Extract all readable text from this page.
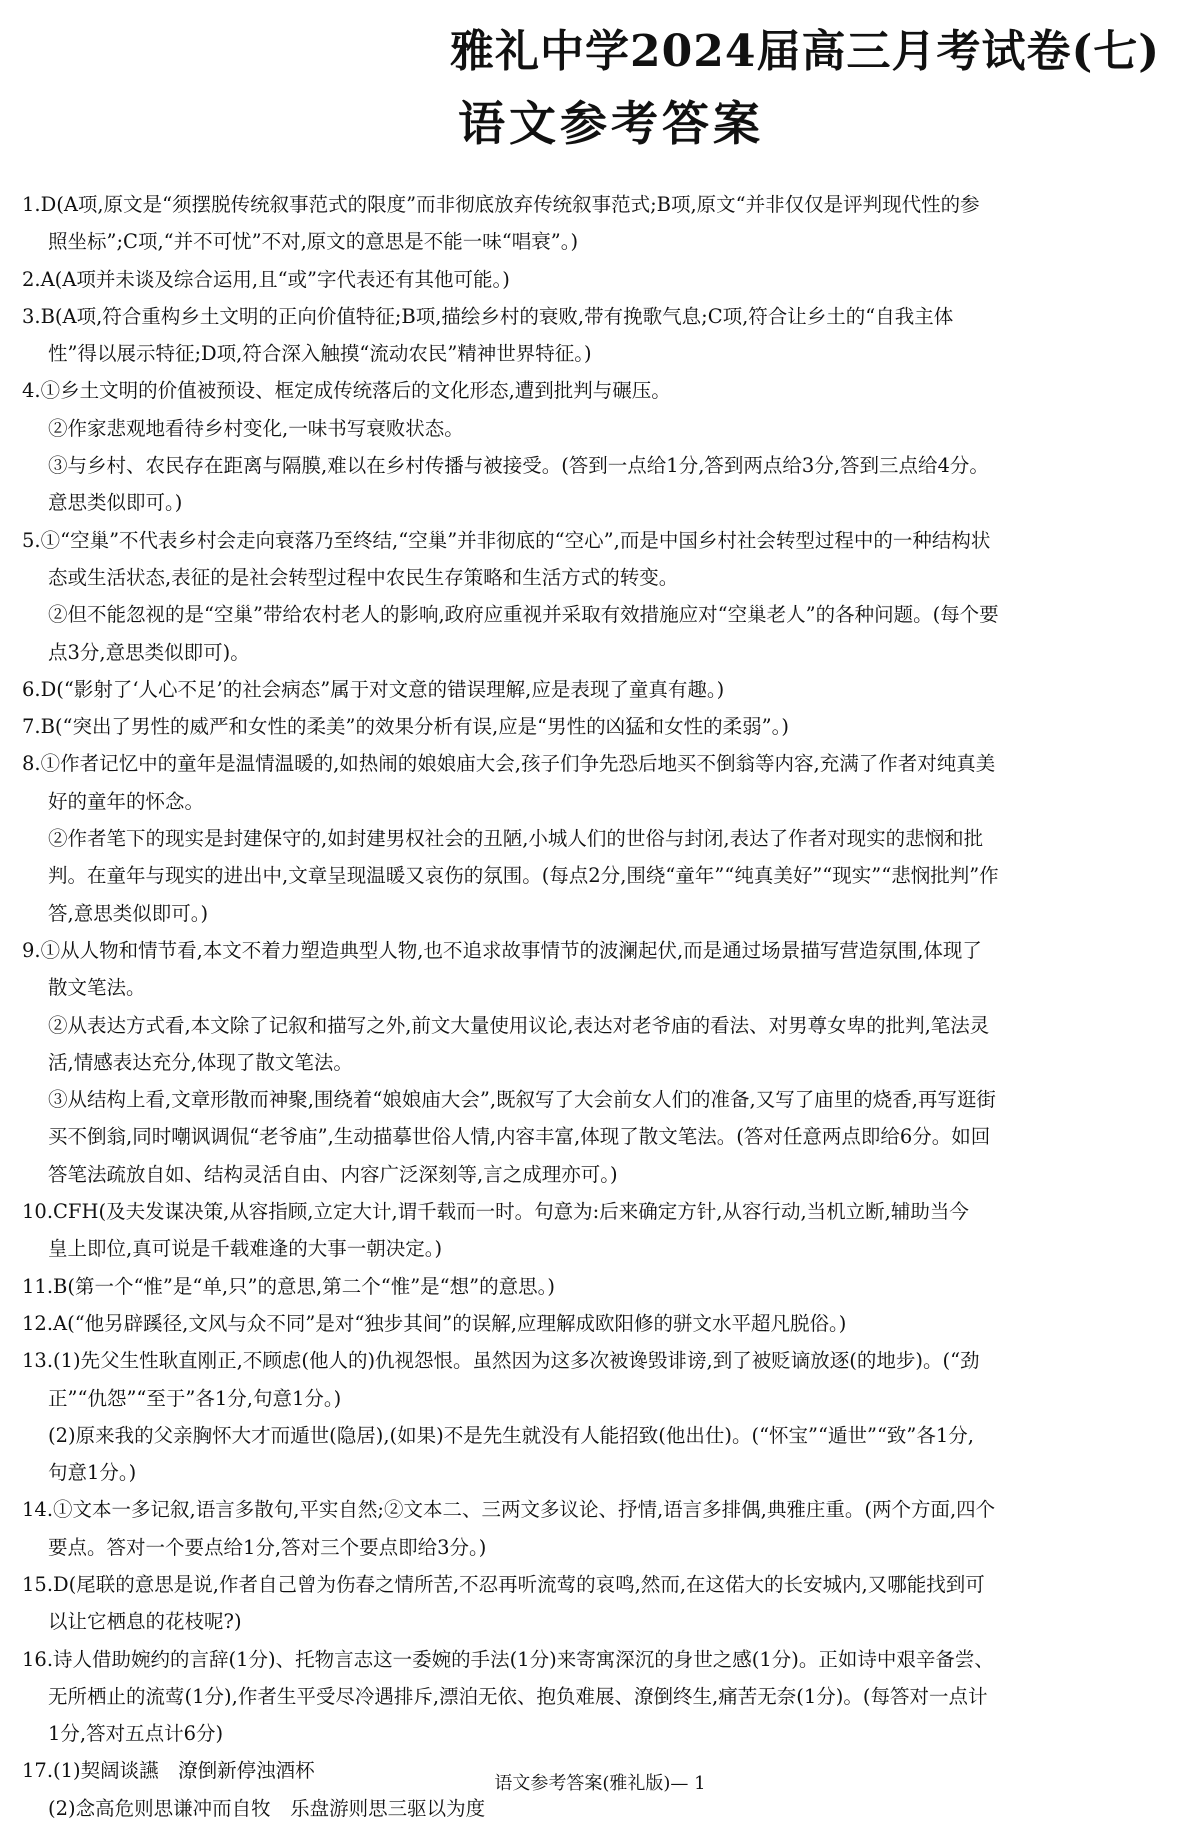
雅礼中学2024届高三月考试卷(七)
语文参考答案
1.D(A项,原文是“须摆脱传统叙事范式的限度”而非彻底放弃传统叙事范式;B项,原文“并非仅仅是评判现代性的参
照坐标”;C项,“并不可忧”不对,原文的意思是不能一味“唱衰”。)
2.A(A项并未谈及综合运用,且“或”字代表还有其他可能。)
3.B(A项,符合重构乡土文明的正向价值特征;B项,描绘乡村的衰败,带有挽歌气息;C项,符合让乡土的“自我主体
性”得以展示特征;D项,符合深入触摸“流动农民”精神世界特征。)
4.①乡土文明的价值被预设、框定成传统落后的文化形态,遭到批判与碾压。
②作家悲观地看待乡村变化,一味书写衰败状态。
③与乡村、农民存在距离与隔膜,难以在乡村传播与被接受。(答到一点给1分,答到两点给3分,答到三点给4分。
意思类似即可。)
5.①“空巢”不代表乡村会走向衰落乃至终结,“空巢”并非彻底的“空心”,而是中国乡村社会转型过程中的一种结构状
态或生活状态,表征的是社会转型过程中农民生存策略和生活方式的转变。
②但不能忽视的是“空巢”带给农村老人的影响,政府应重视并采取有效措施应对“空巢老人”的各种问题。(每个要
点3分,意思类似即可)。
6.D(“影射了‘人心不足’的社会病态”属于对文意的错误理解,应是表现了童真有趣。)
7.B(“突出了男性的威严和女性的柔美”的效果分析有误,应是“男性的凶猛和女性的柔弱”。)
8.①作者记忆中的童年是温情温暖的,如热闹的娘娘庙大会,孩子们争先恐后地买不倒翁等内容,充满了作者对纯真美
好的童年的怀念。
②作者笔下的现实是封建保守的,如封建男权社会的丑陋,小城人们的世俗与封闭,表达了作者对现实的悲悯和批
判。在童年与现实的进出中,文章呈现温暖又哀伤的氛围。(每点2分,围绕“童年”“纯真美好”“现实”“悲悯批判”作
答,意思类似即可。)
9.①从人物和情节看,本文不着力塑造典型人物,也不追求故事情节的波澜起伏,而是通过场景描写营造氛围,体现了
散文笔法。
②从表达方式看,本文除了记叙和描写之外,前文大量使用议论,表达对老爷庙的看法、对男尊女卑的批判,笔法灵
活,情感表达充分,体现了散文笔法。
③从结构上看,文章形散而神聚,围绕着“娘娘庙大会”,既叙写了大会前女人们的准备,又写了庙里的烧香,再写逛街
买不倒翁,同时嘲讽调侃“老爷庙”,生动描摹世俗人情,内容丰富,体现了散文笔法。(答对任意两点即给6分。如回
答笔法疏放自如、结构灵活自由、内容广泛深刻等,言之成理亦可。)
10.CFH(及夫发谋决策,从容指顾,立定大计,谓千载而一时。句意为:后来确定方针,从容行动,当机立断,辅助当今
皇上即位,真可说是千载难逢的大事一朝决定。)
11.B(第一个“惟”是“单,只”的意思,第二个“惟”是“想”的意思。)
12.A(“他另辟蹊径,文风与众不同”是对“独步其间”的误解,应理解成欧阳修的骈文水平超凡脱俗。)
13.(1)先父生性耿直刚正,不顾虑(他人的)仇视怨恨。虽然因为这多次被谗毁诽谤,到了被贬谪放逐(的地步)。(“劲
正”“仇怨”“至于”各1分,句意1分。)
(2)原来我的父亲胸怀大才而遁世(隐居),(如果)不是先生就没有人能招致(他出仕)。(“怀宝”“遁世”“致”各1分,
句意1分。)
14.①文本一多记叙,语言多散句,平实自然;②文本二、三两文多议论、抒情,语言多排偶,典雅庄重。(两个方面,四个
要点。答对一个要点给1分,答对三个要点即给3分。)
15.D(尾联的意思是说,作者自己曾为伤春之情所苦,不忍再听流莺的哀鸣,然而,在这偌大的长安城内,又哪能找到可
以让它栖息的花枝呢?)
16.诗人借助婉约的言辞(1分)、托物言志这一委婉的手法(1分)来寄寓深沉的身世之感(1分)。正如诗中艰辛备尝、
无所栖止的流莺(1分),作者生平受尽冷遇排斥,漂泊无依、抱负难展、潦倒终生,痛苦无奈(1分)。(每答对一点计
1分,答对五点计6分)
17.(1)契阔谈讌　潦倒新停浊酒杯
(2)念高危则思谦冲而自牧　乐盘游则思三驱以为度
语文参考答案(雅礼版)— 1
